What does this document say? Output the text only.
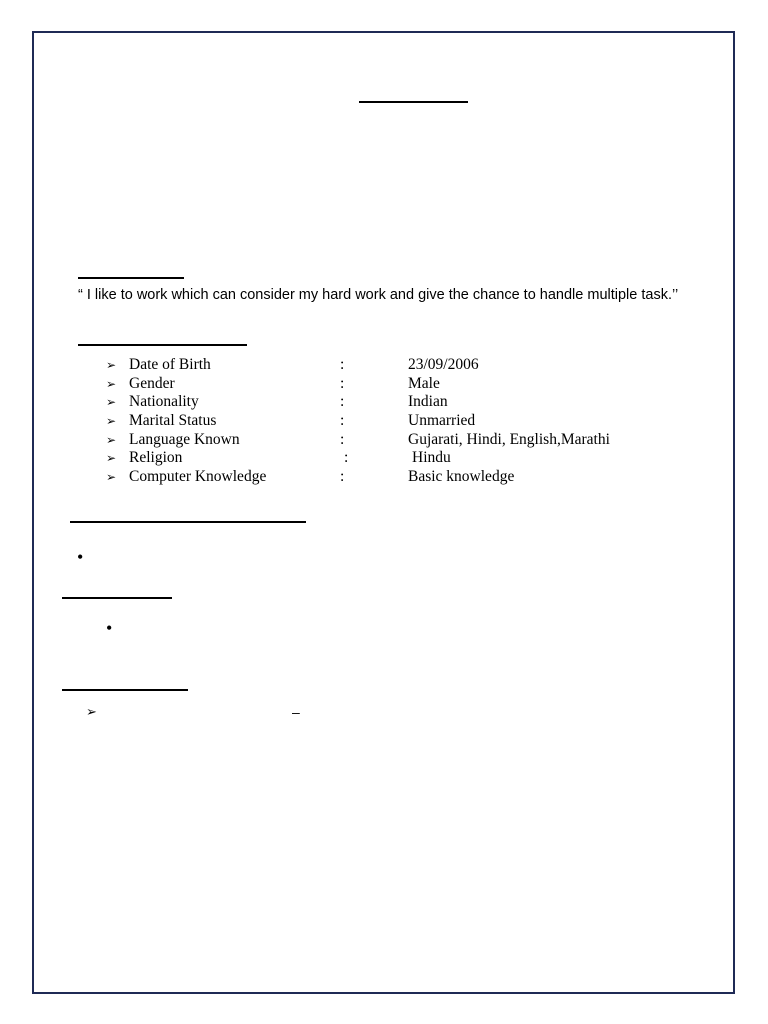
“ I like to work which can consider my hard work and give the chance to handle multiple task.’’
➢ Date of Birth	:	23/09/2006
➢ Gender	:	Male
➢ Nationality	:	Indian
➢ Marital Status	:	Unmarried
➢ Language Known	:	Gujarati, Hindi, English,Marathi
➢ Religion	:	Hindu
➢ Computer Knowledge	:	Basic knowledge
•
•
➢	–
